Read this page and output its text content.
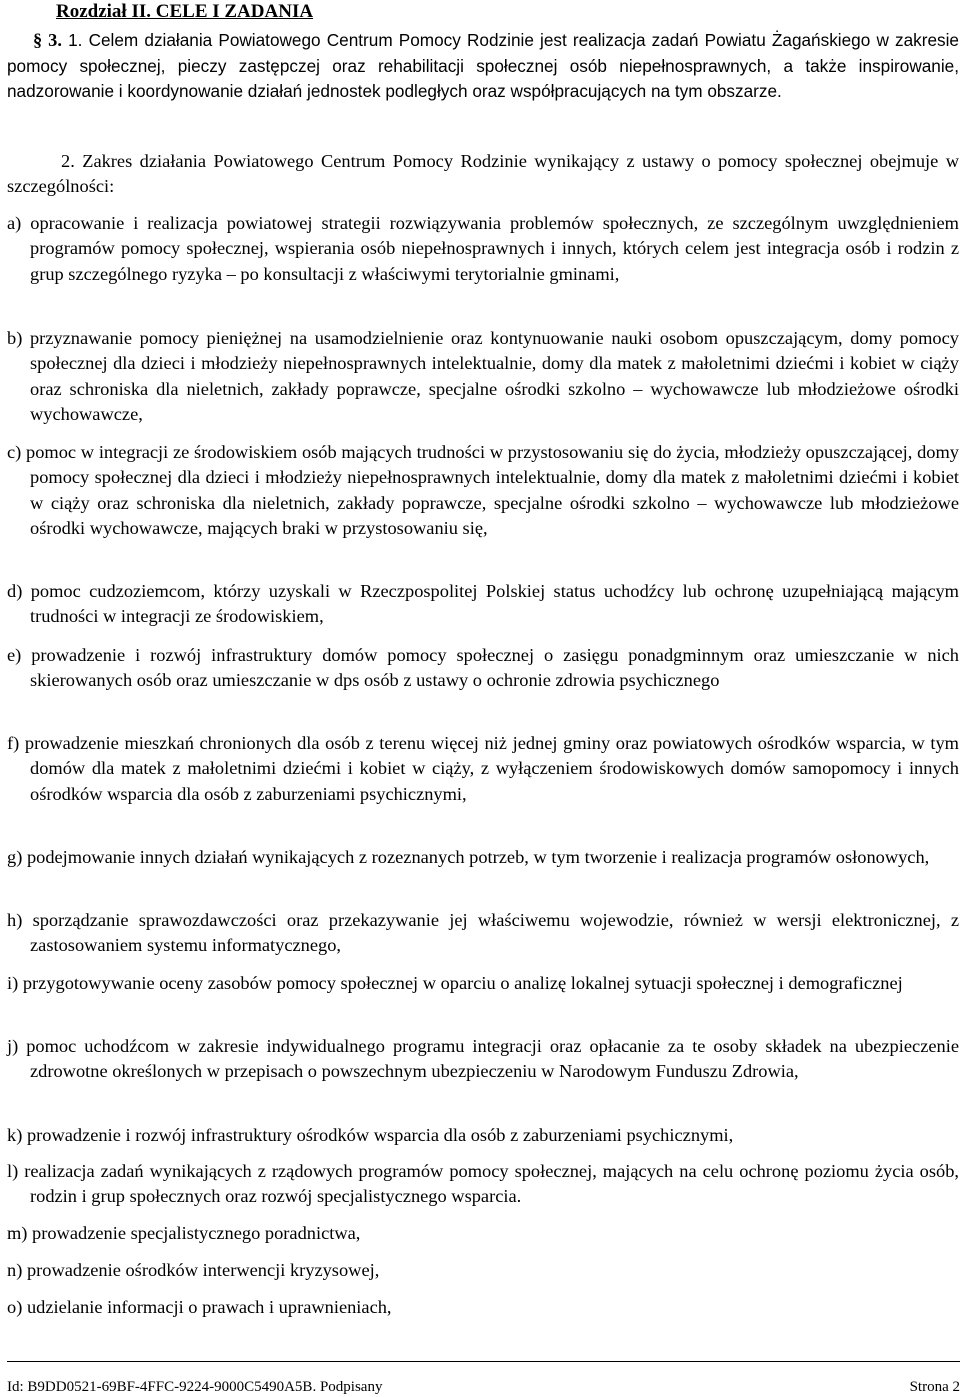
Rozdział II. CELE I ZADANIA
§ 3. 1. Celem działania Powiatowego Centrum Pomocy Rodzinie jest realizacja zadań Powiatu Żagańskiego w zakresie pomocy społecznej, pieczy zastępczej oraz rehabilitacji społecznej osób niepełnosprawnych, a także inspirowanie, nadzorowanie i koordynowanie działań jednostek podległych oraz współpracujących na tym obszarze.
2. Zakres działania Powiatowego Centrum Pomocy Rodzinie wynikający z ustawy o pomocy społecznej obejmuje w szczególności:
a) opracowanie i realizacja powiatowej strategii rozwiązywania problemów społecznych, ze szczególnym uwzględnieniem programów pomocy społecznej, wspierania osób niepełnosprawnych i innych, których celem jest integracja osób i rodzin z grup szczególnego ryzyka – po konsultacji z właściwymi terytorialnie gminami,
b) przyznawanie pomocy pieniężnej na usamodzielnienie oraz kontynuowanie nauki osobom opuszczającym, domy pomocy społecznej dla dzieci i młodzieży niepełnosprawnych intelektualnie, domy dla matek z małoletnimi dziećmi i kobiet w ciąży oraz schroniska dla nieletnich, zakłady poprawcze, specjalne ośrodki szkolno – wychowawcze lub młodzieżowe ośrodki wychowawcze,
c) pomoc w integracji ze środowiskiem osób mających trudności w przystosowaniu się do życia, młodzieży opuszczającej, domy pomocy społecznej dla dzieci i młodzieży niepełnosprawnych intelektualnie, domy dla matek z małoletnimi dziećmi i kobiet w ciąży oraz schroniska dla nieletnich, zakłady poprawcze, specjalne ośrodki szkolno – wychowawcze lub młodzieżowe ośrodki wychowawcze, mających braki w przystosowaniu się,
d) pomoc cudzoziemcom, którzy uzyskali w Rzeczpospolitej Polskiej status uchodźcy lub ochronę uzupełniającą mającym trudności w integracji ze środowiskiem,
e) prowadzenie i rozwój infrastruktury domów pomocy społecznej o zasięgu ponadgminnym oraz umieszczanie w nich skierowanych osób oraz umieszczanie w dps osób z ustawy o ochronie zdrowia psychicznego
f) prowadzenie mieszkań chronionych dla osób z terenu więcej niż jednej gminy oraz powiatowych ośrodków wsparcia, w tym domów dla matek z małoletnimi dziećmi i kobiet w ciąży, z wyłączeniem środowiskowych domów samopomocy i innych ośrodków wsparcia dla osób z zaburzeniami psychicznymi,
g) podejmowanie innych działań wynikających z rozeznanych potrzeb, w tym tworzenie i realizacja programów osłonowych,
h) sporządzanie sprawozdawczości oraz przekazywanie jej właściwemu wojewodzie, również w wersji elektronicznej, z zastosowaniem systemu informatycznego,
i) przygotowywanie oceny zasobów pomocy społecznej w oparciu o analizę lokalnej sytuacji społecznej i demograficznej
j) pomoc uchodźcom w zakresie indywidualnego programu integracji oraz opłacanie za te osoby składek na ubezpieczenie zdrowotne określonych w przepisach o powszechnym ubezpieczeniu w Narodowym Funduszu Zdrowia,
k) prowadzenie i rozwój infrastruktury ośrodków wsparcia dla osób z zaburzeniami psychicznymi,
l) realizacja zadań wynikających z rządowych programów pomocy społecznej, mających na celu ochronę poziomu życia osób, rodzin i grup społecznych oraz rozwój specjalistycznego wsparcia.
m) prowadzenie specjalistycznego poradnictwa,
n) prowadzenie ośrodków interwencji kryzysowej,
o) udzielanie informacji o prawach i uprawnieniach,
Id: B9DD0521-69BF-4FFC-9224-9000C5490A5B. Podpisany	Strona 2
